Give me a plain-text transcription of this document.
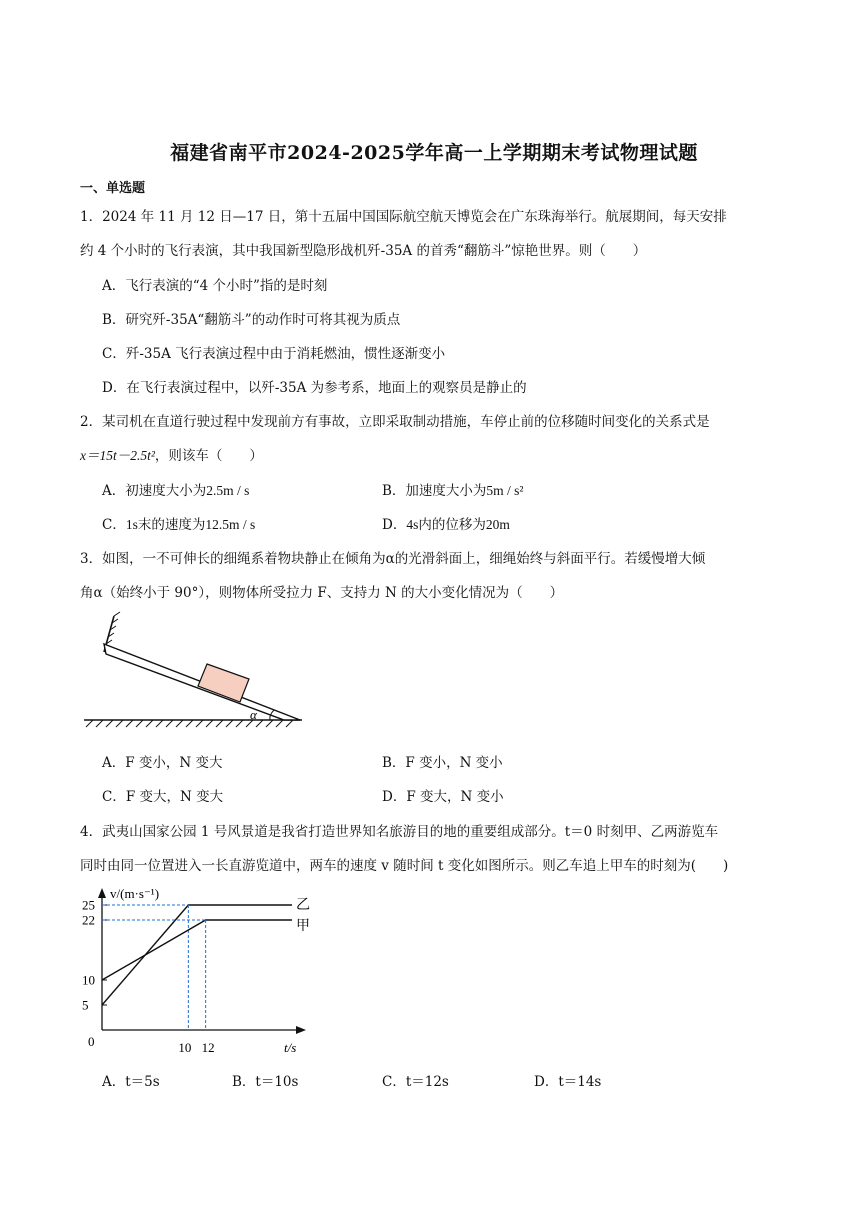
福建省南平市2024-2025学年高一上学期期末考试物理试题
一、单选题
1．2024 年 11 月 12 日—17 日，第十五届中国国际航空航天博览会在广东珠海举行。航展期间，每天安排
约 4 个小时的飞行表演，其中我国新型隐形战机歼-35A 的首秀“翻筋斗”惊艳世界。则（　　）
A．飞行表演的“4 个小时”指的是时刻
B．研究歼-35A“翻筋斗”的动作时可将其视为质点
C．歼-35A 飞行表演过程中由于消耗燃油，惯性逐渐变小
D．在飞行表演过程中，以歼-35A 为参考系，地面上的观察员是静止的
2．某司机在直道行驶过程中发现前方有事故，立即采取制动措施，车停止前的位移随时间变化的关系式是
x＝15t－2.5t²，则该车（　　）
A．初速度大小为2.5m / s	B．加速度大小为5m / s²
C．1s末的速度为12.5m / s	D．4s内的位移为20m
3．如图，一不可伸长的细绳系着物块静止在倾角为α的光滑斜面上，细绳始终与斜面平行。若缓慢增大倾
角α（始终小于 90°），则物体所受拉力 F、支持力 N 的大小变化情况为（　　）
α
A．F 变小，N 变大	B．F 变小，N 变小
C．F 变大，N 变大	D．F 变大，N 变小
4．武夷山国家公园 1 号风景道是我省打造世界知名旅游目的地的重要组成部分。t＝0 时刻甲、乙两游览车
同时由同一位置进入一长直游览道中，两车的速度 v 随时间 t 变化如图所示。则乙车追上甲车的时刻为(　　)
v/(m·s⁻¹)
t/s
0
5
10
22
25
10 12
乙
甲
A．t＝5s	B．t＝10s	C．t＝12s	D．t＝14s
